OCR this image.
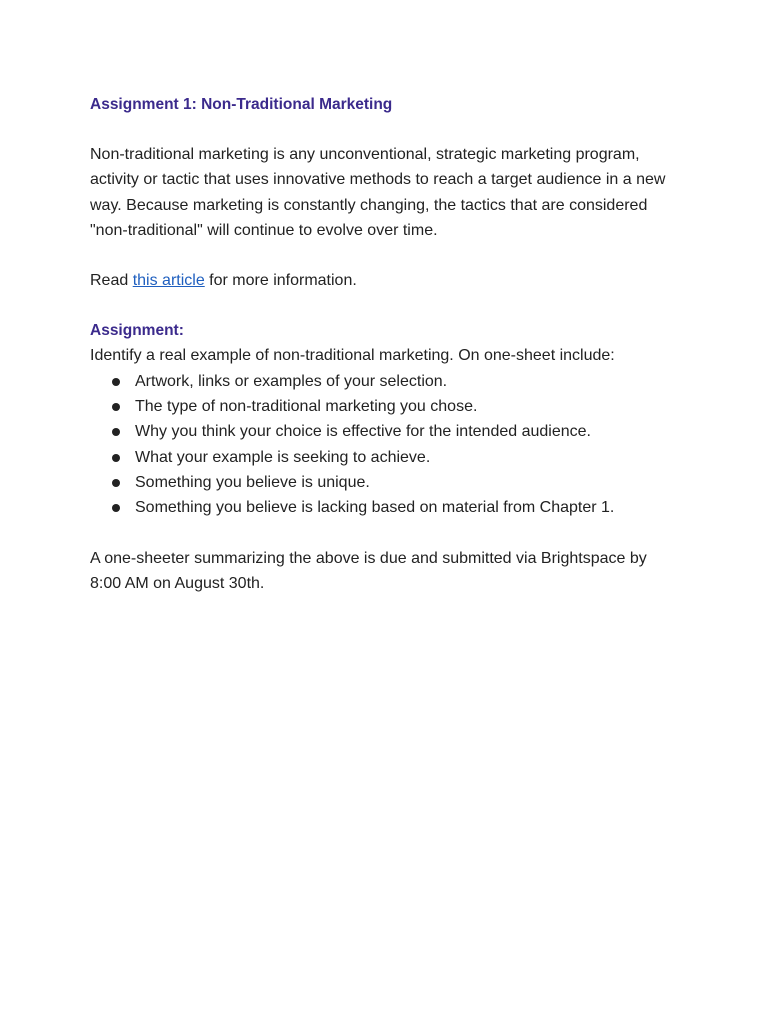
Assignment 1: Non-Traditional Marketing

Non-traditional marketing is any unconventional, strategic marketing program, activity or tactic that uses innovative methods to reach a target audience in a new way. Because marketing is constantly changing, the tactics that are considered "non-traditional" will continue to evolve over time.

Read this article for more information.

Assignment:

Identify a real example of non-traditional marketing. On one-sheet include:

Artwork, links or examples of your selection.
The type of non-traditional marketing you chose.
Why you think your choice is effective for the intended audience.
What your example is seeking to achieve.
Something you believe is unique.
Something you believe is lacking based on material from Chapter 1.

A one-sheeter summarizing the above is due and submitted via Brightspace by 8:00 AM on August 30th.
